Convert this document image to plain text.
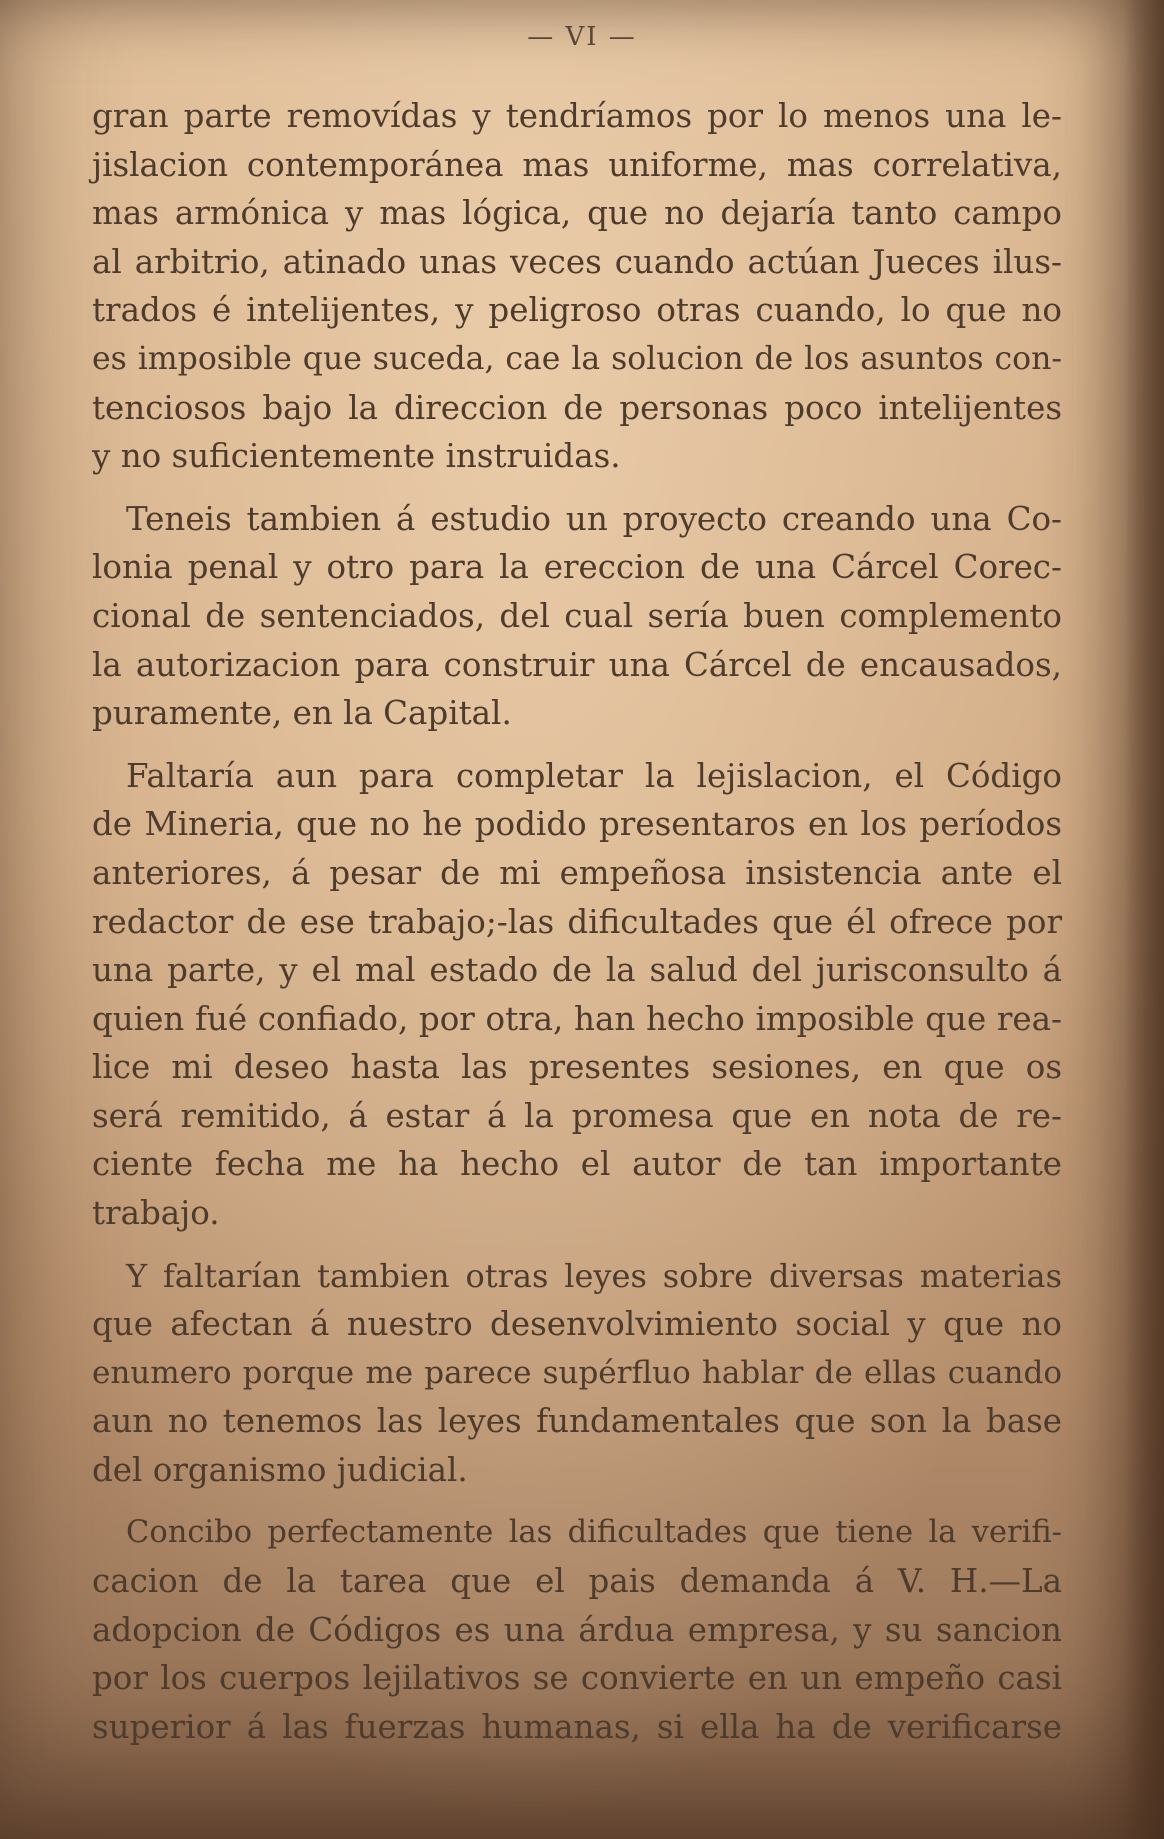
— VI —

gran parte removídas y tendríamos por lo menos una le-
jislacion contemporánea mas uniforme, mas correlativa,
mas armónica y mas lógica, que no dejaría tanto campo
al arbitrio, atinado unas veces cuando actúan Jueces ilus-
trados é intelijentes, y peligroso otras cuando, lo que no
es imposible que suceda, cae la solucion de los asuntos con-
tenciosos bajo la direccion de personas poco intelijentes
y no suficientemente instruidas.

Teneis tambien á estudio un proyecto creando una Co-
lonia penal y otro para la ereccion de una Cárcel Corec-
cional de sentenciados, del cual sería buen complemento
la autorizacion para construir una Cárcel de encausados,
puramente, en la Capital.

Faltaría aun para completar la lejislacion, el Código
de Mineria, que no he podido presentaros en los períodos
anteriores, á pesar de mi empeñosa insistencia ante el
redactor de ese trabajo;-las dificultades que él ofrece por
una parte, y el mal estado de la salud del jurisconsulto á
quien fué confiado, por otra, han hecho imposible que rea-
lice mi deseo hasta las presentes sesiones, en que os
será remitido, á estar á la promesa que en nota de re-
ciente fecha me ha hecho el autor de tan importante
trabajo.

Y faltarían tambien otras leyes sobre diversas materias
que afectan á nuestro desenvolvimiento social y que no
enumero porque me parece supérfluo hablar de ellas cuando
aun no tenemos las leyes fundamentales que son la base
del organismo judicial.

Concibo perfectamente las dificultades que tiene la verifi-
cacion de la tarea que el pais demanda á V. H.—La
adopcion de Códigos es una árdua empresa, y su sancion
por los cuerpos lejilativos se convierte en un empeño casi
superior á las fuerzas humanas, si ella ha de verificarse
